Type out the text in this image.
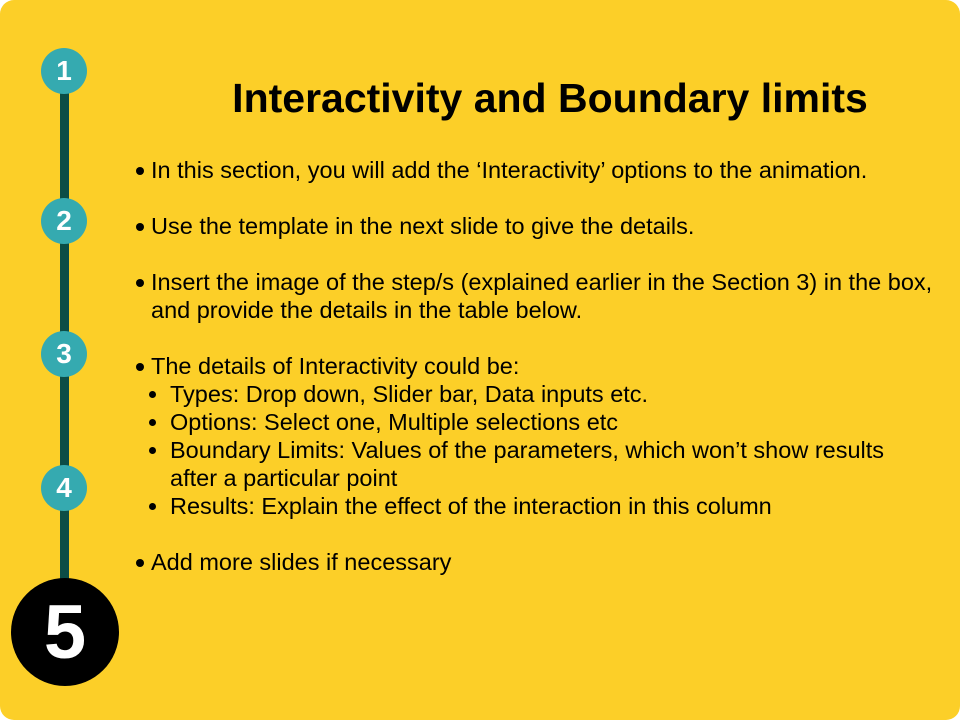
1
2
3
4
5
Interactivity and Boundary limits
In this section, you will add the ‘Interactivity’ options to the animation.
Use the template in the next slide to give the details.
Insert the image of the step/s (explained earlier in the Section 3) in the box, and provide the details in the table below.
The details of Interactivity could be:
Types: Drop down, Slider bar, Data inputs etc.
Options: Select one, Multiple selections etc
Boundary Limits: Values of the parameters, which won’t show results after a particular point
Results: Explain the effect of the interaction in this column
Add more slides if necessary
